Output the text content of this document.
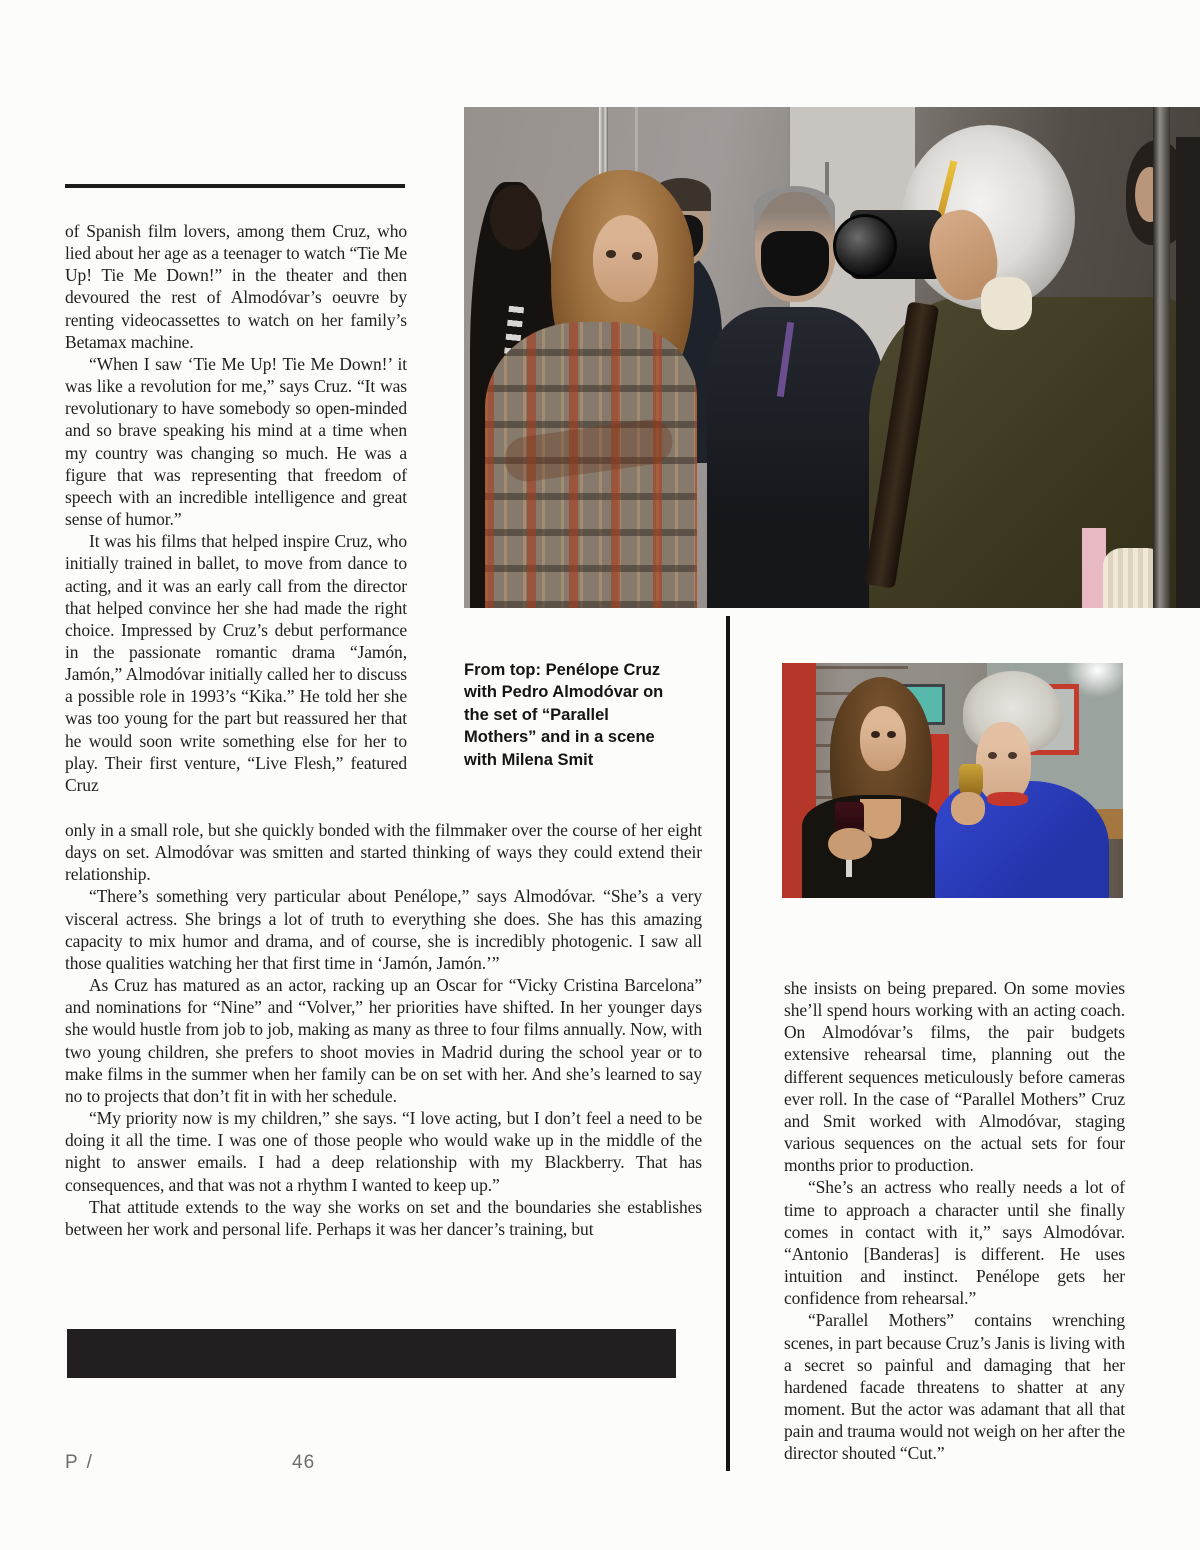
of Spanish film lovers, among them Cruz, who lied about her age as a teenager to watch “Tie Me Up! Tie Me Down!” in the theater and then devoured the rest of Almodóvar’s oeuvre by renting videocassettes to watch on her family’s Betamax machine.

“When I saw ‘Tie Me Up! Tie Me Down!’ it was like a revolution for me,” says Cruz. “It was revolutionary to have somebody so open-minded and so brave speaking his mind at a time when my country was changing so much. He was a figure that was representing that freedom of speech with an incredible intelligence and great sense of humor.”

It was his films that helped inspire Cruz, who initially trained in ballet, to move from dance to acting, and it was an early call from the director that helped convince her she had made the right choice. Impressed by Cruz’s debut performance in the passionate romantic drama “Jamón, Jamón,” Almodóvar initially called her to discuss a possible role in 1993’s “Kika.” He told her she was too young for the part but reassured her that he would soon write something else for her to play. Their first venture, “Live Flesh,” featured Cruz

From top: Penélope Cruz with Pedro Almodóvar on the set of “Parallel Mothers” and in a scene with Milena Smit

only in a small role, but she quickly bonded with the filmmaker over the course of her eight days on set. Almodóvar was smitten and started thinking of ways they could extend their relationship.

“There’s something very particular about Penélope,” says Almodóvar. “She’s a very visceral actress. She brings a lot of truth to everything she does. She has this amazing capacity to mix humor and drama, and of course, she is incredibly photogenic. I saw all those qualities watching her that first time in ‘Jamón, Jamón.’”

As Cruz has matured as an actor, racking up an Oscar for “Vicky Cristina Barcelona” and nominations for “Nine” and “Volver,” her priorities have shifted. In her younger days she would hustle from job to job, making as many as three to four films annually. Now, with two young children, she prefers to shoot movies in Madrid during the school year or to make films in the summer when her family can be on set with her. And she’s learned to say no to projects that don’t fit in with her schedule.

“My priority now is my children,” she says. “I love acting, but I don’t feel a need to be doing it all the time. I was one of those people who would wake up in the middle of the night to answer emails. I had a deep relationship with my Blackberry. That has consequences, and that was not a rhythm I wanted to keep up.”

That attitude extends to the way she works on set and the boundaries she establishes between her work and personal life. Perhaps it was her dancer’s training, but

she insists on being prepared. On some movies she’ll spend hours working with an acting coach. On Almodóvar’s films, the pair budgets extensive rehearsal time, planning out the different sequences meticulously before cameras ever roll. In the case of “Parallel Mothers” Cruz and Smit worked with Almodóvar, staging various sequences on the actual sets for four months prior to production.

“She’s an actress who really needs a lot of time to approach a character until she finally comes in contact with it,” says Almodóvar. “Antonio [Banderas] is different. He uses intuition and instinct. Penélope gets her confidence from rehearsal.”

“Parallel Mothers” contains wrenching scenes, in part because Cruz’s Janis is living with a secret so painful and damaging that her hardened facade threatens to shatter at any moment. But the actor was adamant that all that pain and trauma would not weigh on her after the director shouted “Cut.”

P /	46
